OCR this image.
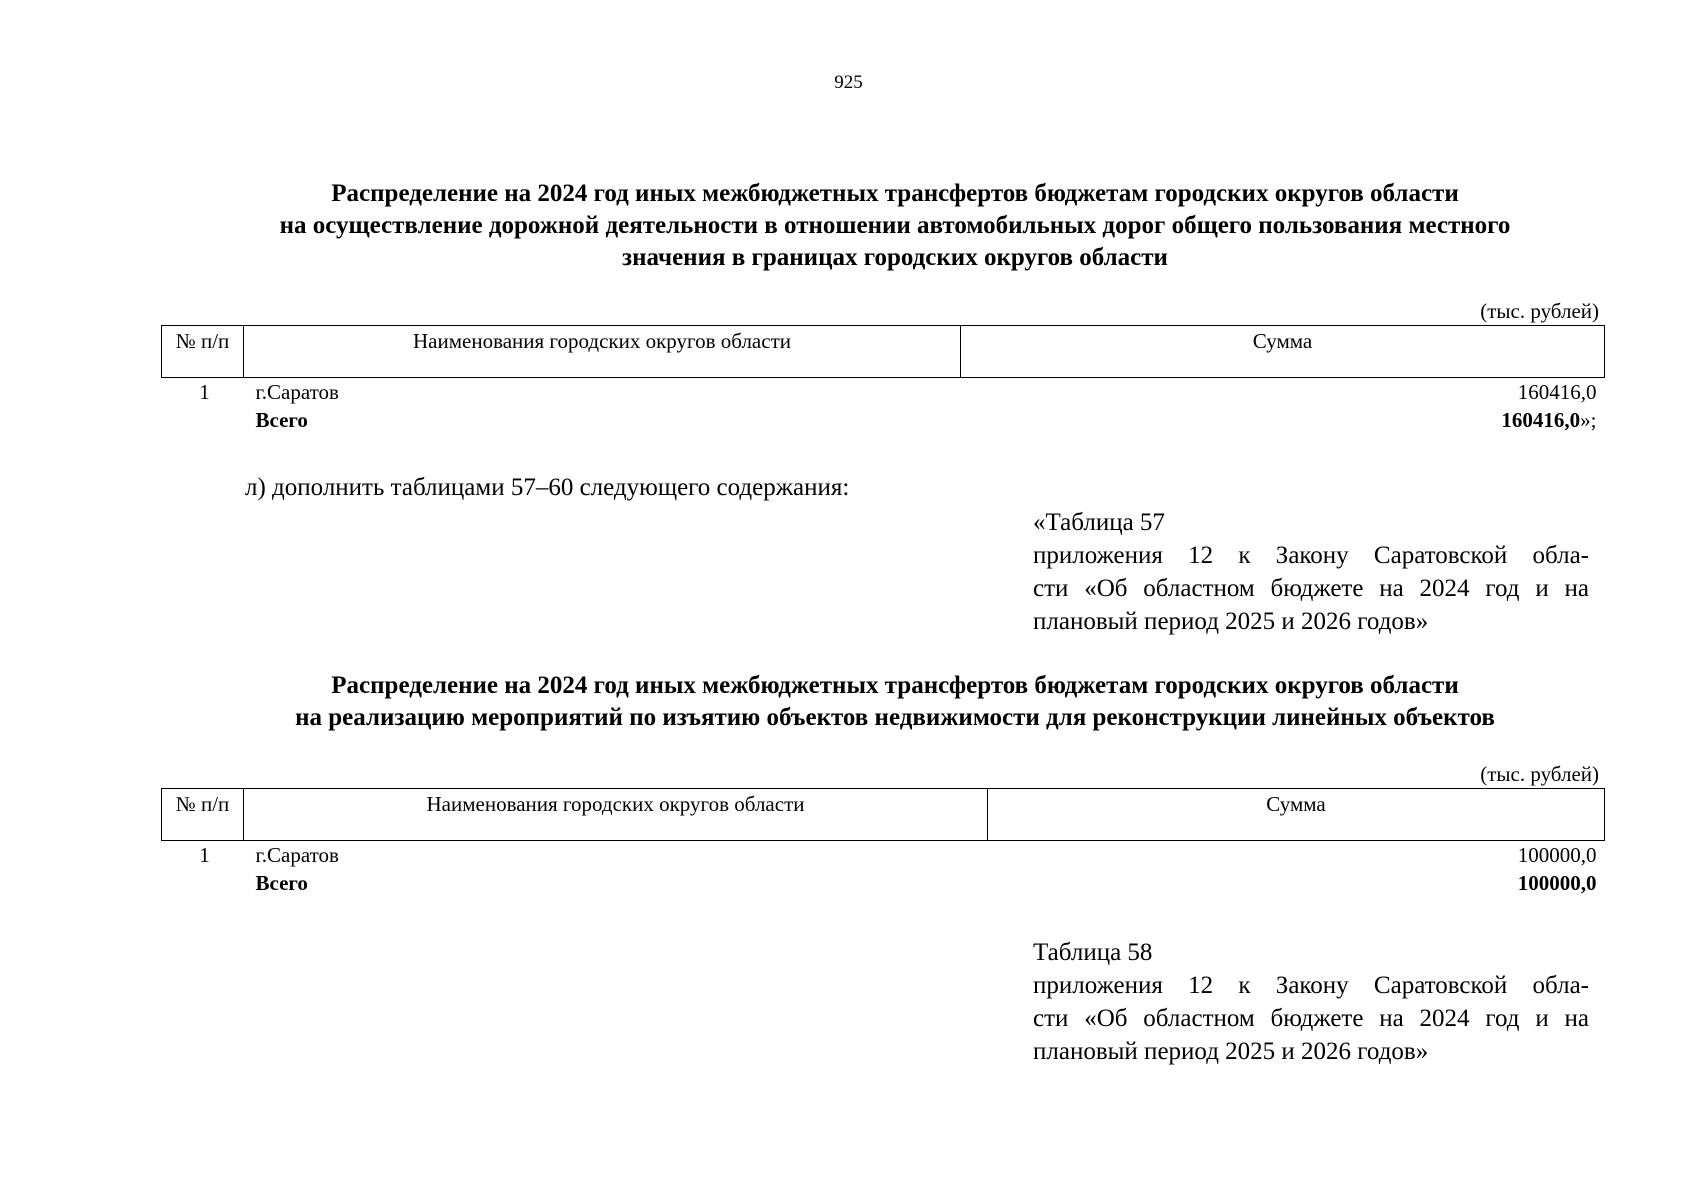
925
Распределение на 2024 год иных межбюджетных трансфертов бюджетам городских округов области
на осуществление дорожной деятельности в отношении автомобильных дорог общего пользования местного
значения в границах городских округов области
(тыс. рублей)
№ п/п	Наименования городских округов области	Сумма
1	г.Саратов	160416,0
	Всего	160416,0»;
л) дополнить таблицами 57–60 следующего содержания:
«Таблица 57
приложения 12 к Закону Саратовской обла-
сти «Об областном бюджете на 2024 год и на
плановый период 2025 и 2026 годов»
Распределение на 2024 год иных межбюджетных трансфертов бюджетам городских округов области
на реализацию мероприятий по изъятию объектов недвижимости для реконструкции линейных объектов
(тыс. рублей)
№ п/п	Наименования городских округов области	Сумма
1	г.Саратов	100000,0
	Всего	100000,0
Таблица 58
приложения 12 к Закону Саратовской обла-
сти «Об областном бюджете на 2024 год и на
плановый период 2025 и 2026 годов»
